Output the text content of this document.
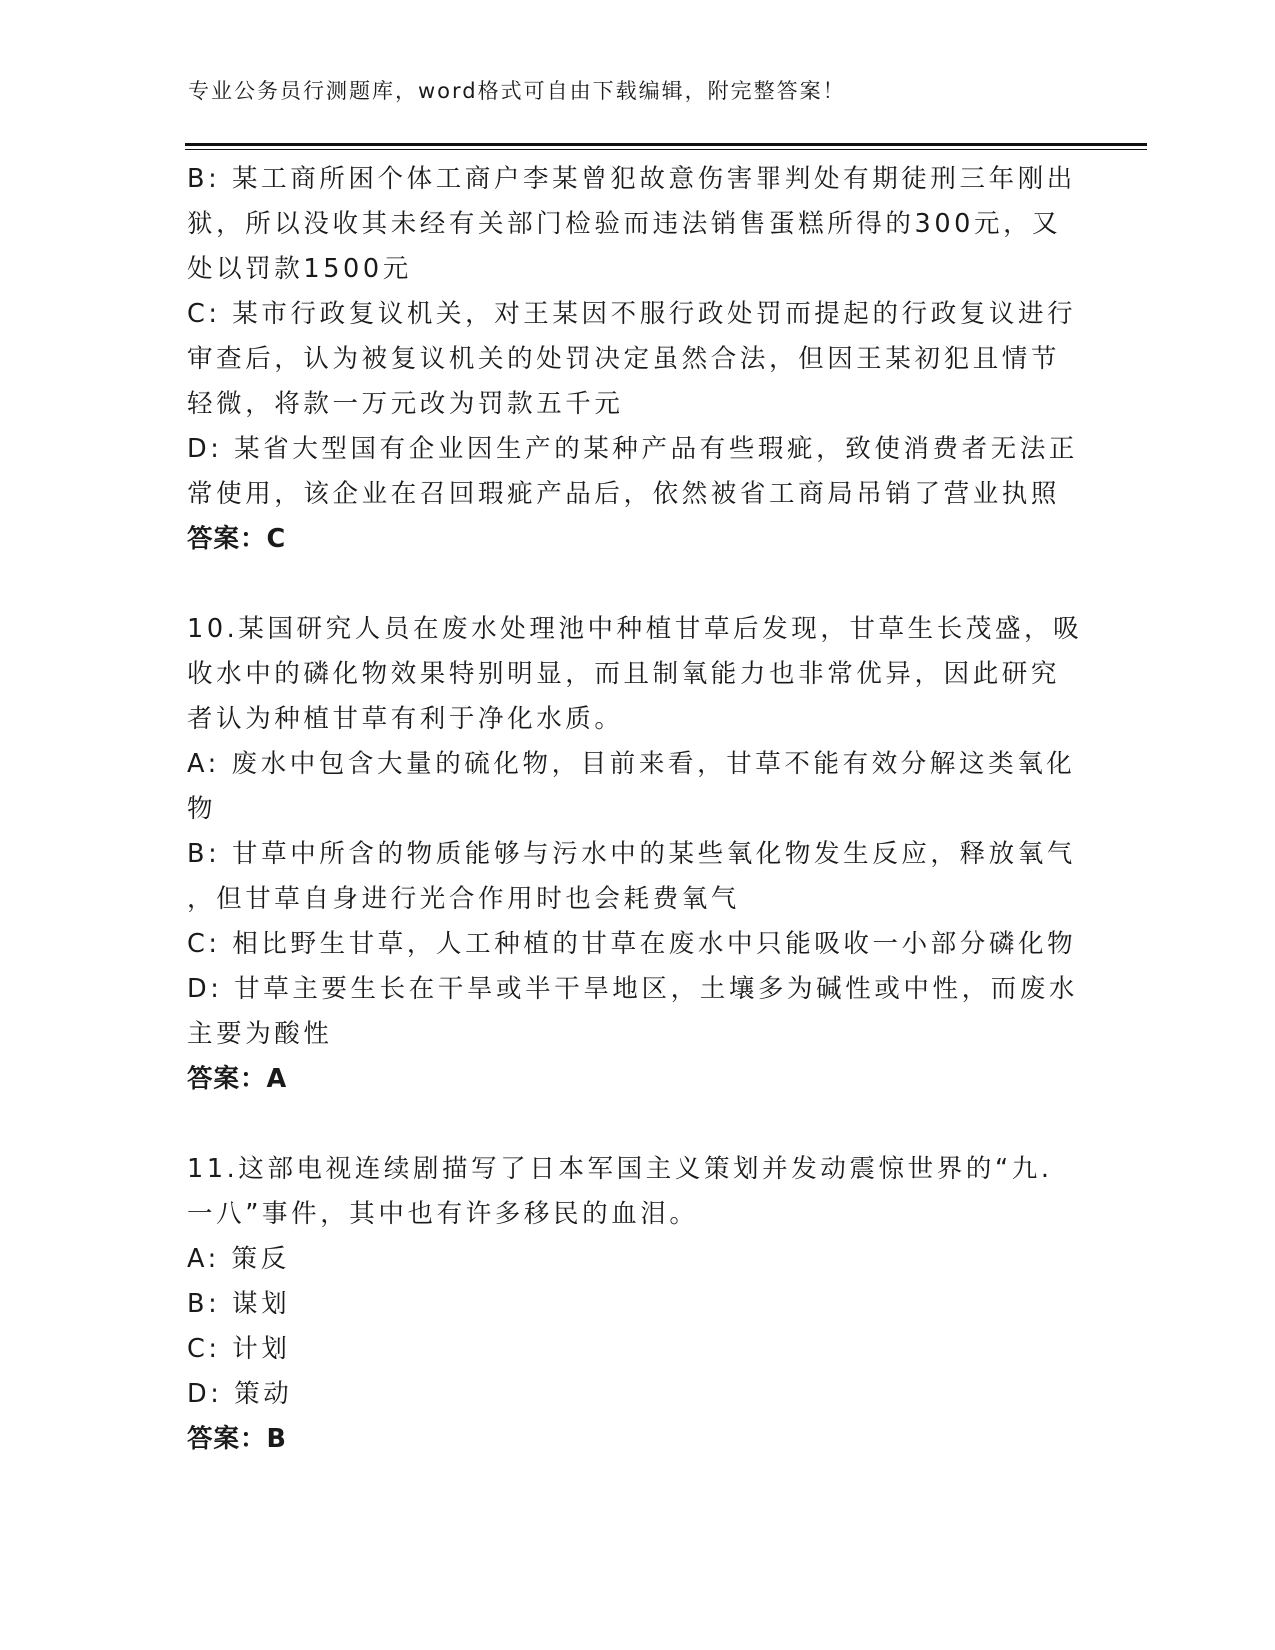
专业公务员行测题库，word格式可自由下载编辑，附完整答案！
B: 某工商所困个体工商户李某曾犯故意伤害罪判处有期徒刑三年刚出
狱，所以没收其未经有关部门检验而违法销售蛋糕所得的300元，又
处以罚款1500元
C: 某市行政复议机关，对王某因不服行政处罚而提起的行政复议进行
审查后，认为被复议机关的处罚决定虽然合法，但因王某初犯且情节
轻微，将款一万元改为罚款五千元
D: 某省大型国有企业因生产的某种产品有些瑕疵，致使消费者无法正
常使用，该企业在召回瑕疵产品后，依然被省工商局吊销了营业执照
答案：C
10.某国研究人员在废水处理池中种植甘草后发现，甘草生长茂盛，吸
收水中的磷化物效果特别明显，而且制氧能力也非常优异，因此研究
者认为种植甘草有利于净化水质。
A: 废水中包含大量的硫化物，目前来看，甘草不能有效分解这类氧化
物
B: 甘草中所含的物质能够与污水中的某些氧化物发生反应，释放氧气
，但甘草自身进行光合作用时也会耗费氧气
C: 相比野生甘草，人工种植的甘草在废水中只能吸收一小部分磷化物
D: 甘草主要生长在干旱或半干旱地区，土壤多为碱性或中性，而废水
主要为酸性
答案：A
11.这部电视连续剧描写了日本军国主义策划并发动震惊世界的“九.
一八”事件，其中也有许多移民的血泪。
A: 策反
B: 谋划
C: 计划
D: 策动
答案：B
